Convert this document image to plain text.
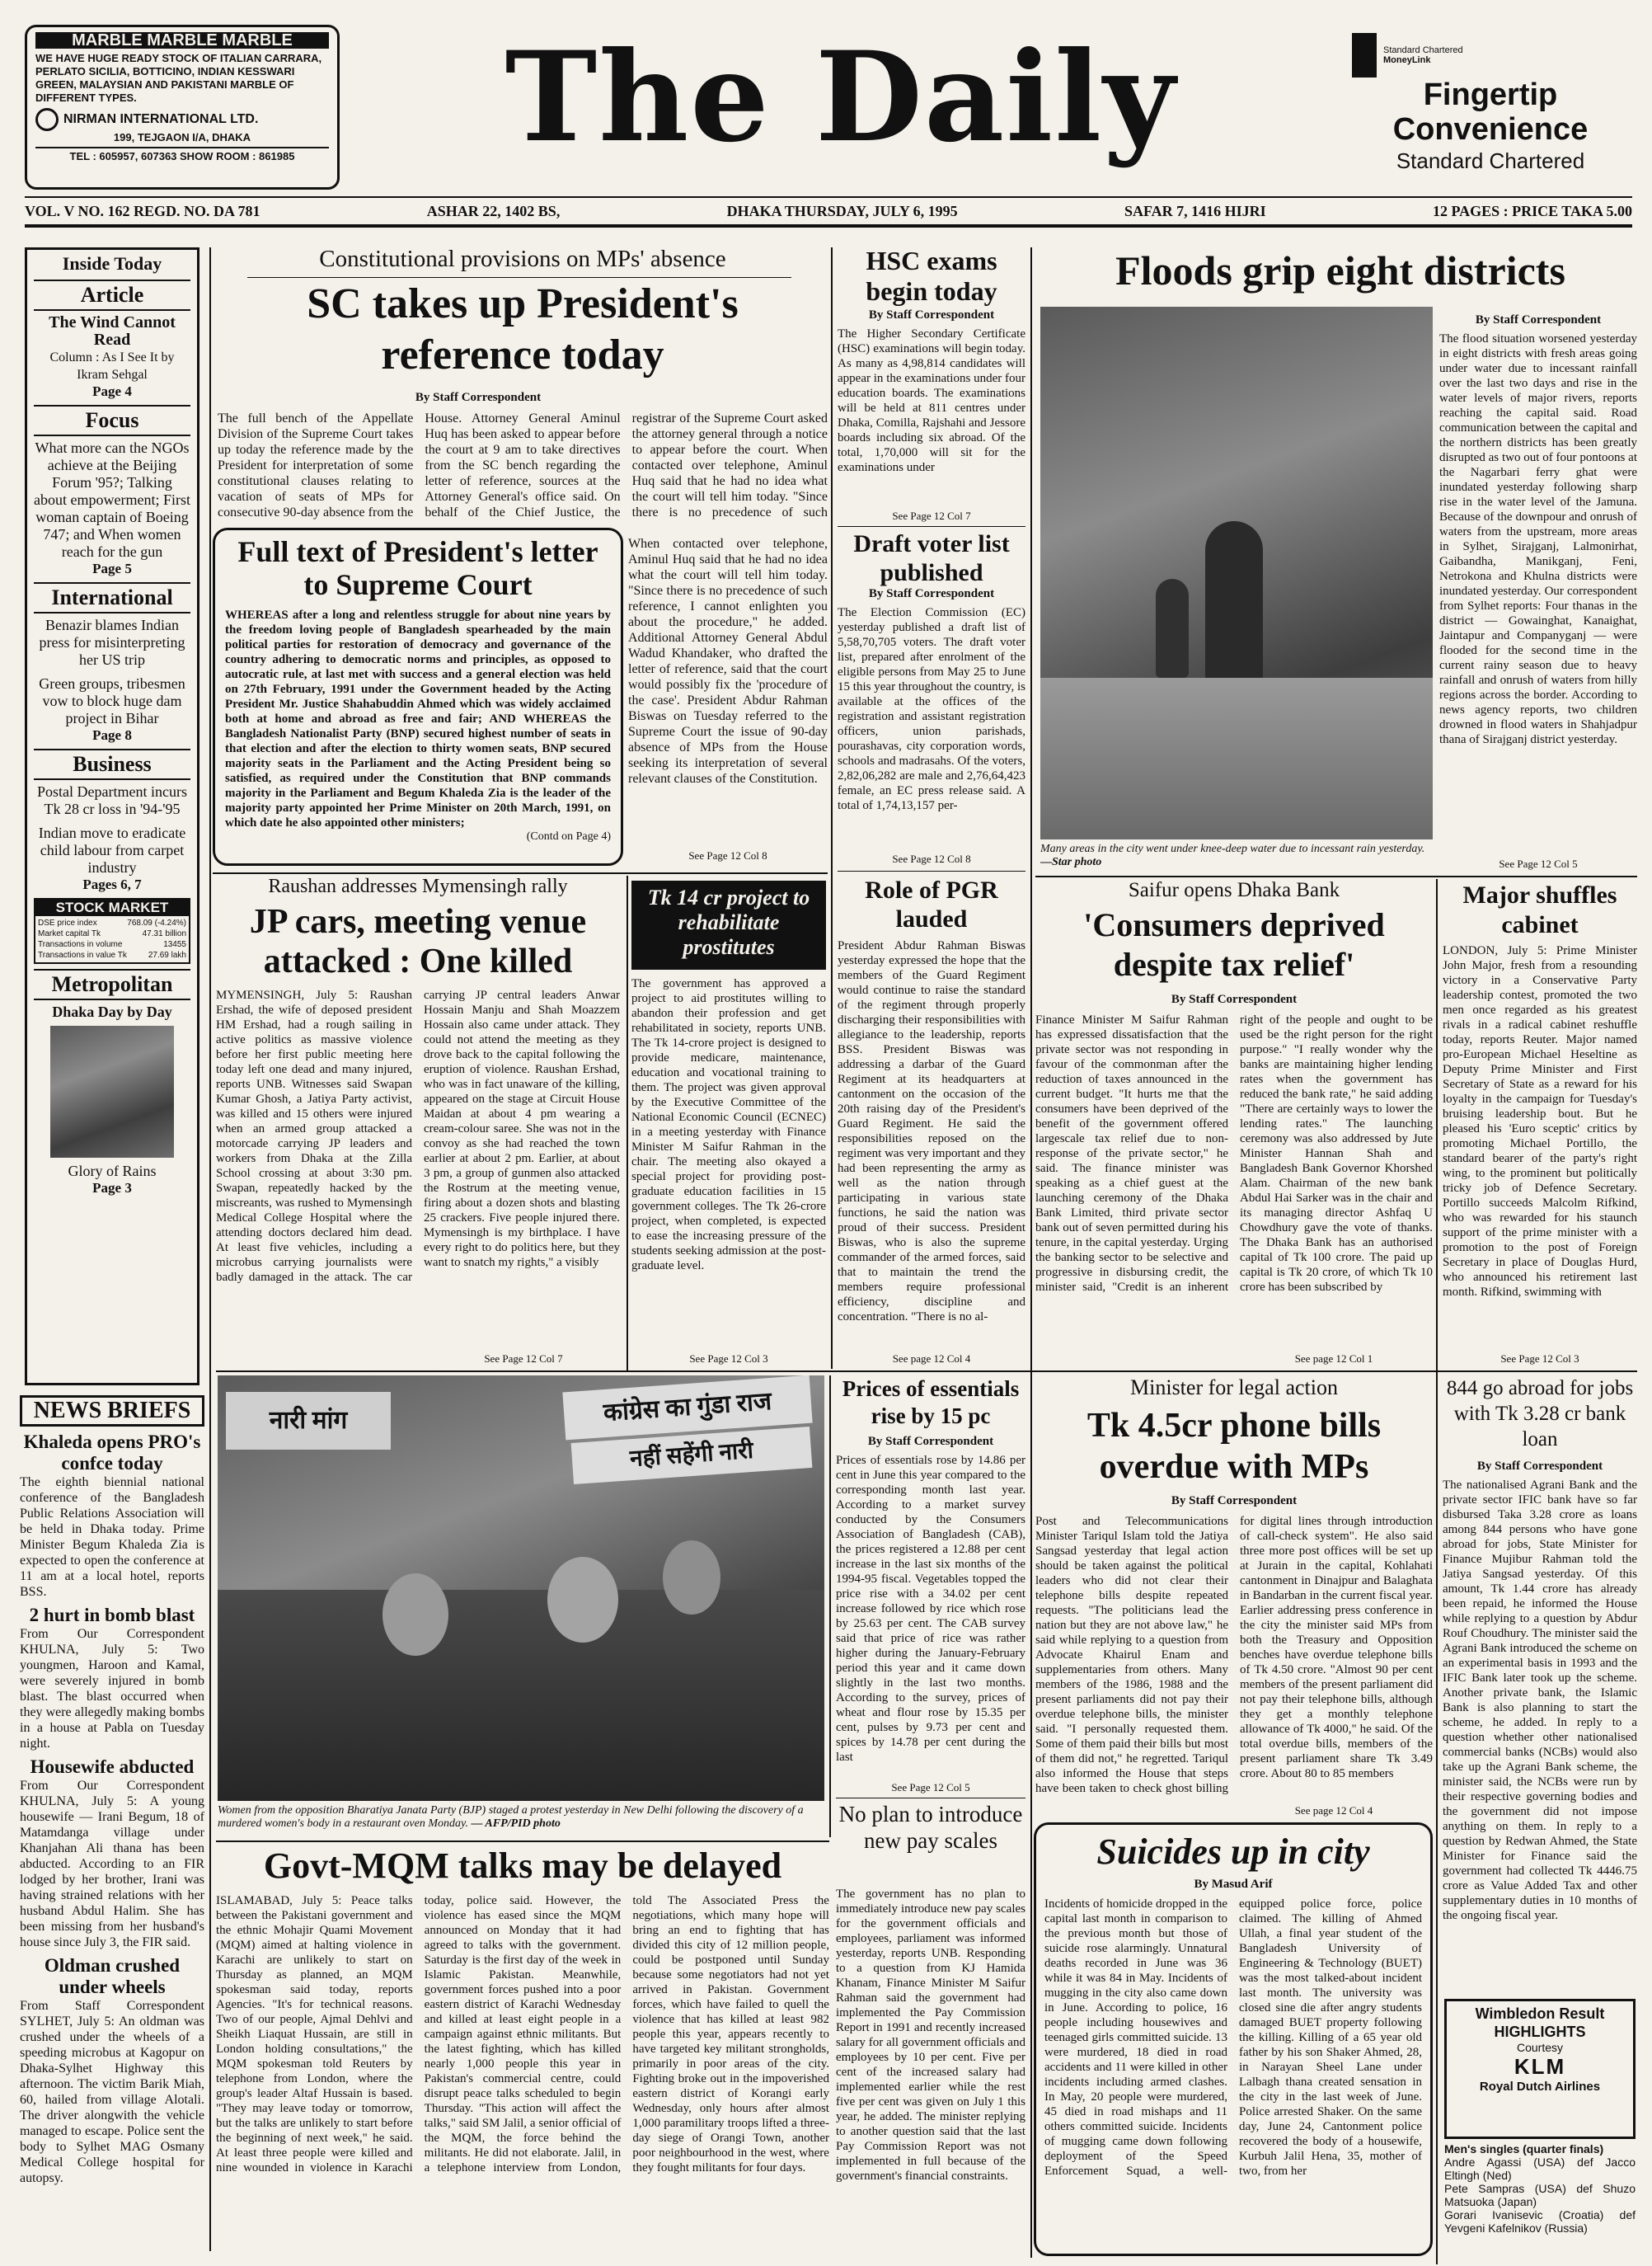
MARBLE MARBLE MARBLE
WE HAVE HUGE READY STOCK OF ITALIAN CARRARA, PERLATO SICILIA, BOTTICINO, INDIAN KESSWARI GREEN, MALAYSIAN AND PAKISTANI MARBLE OF DIFFERENT TYPES.
NIRMAN INTERNATIONAL LTD.
199, TEJGAON I/A, DHAKA
TEL : 605957, 607363 SHOW ROOM : 861985	The Daily	Standard Chartered
MoneyLink
Fingertip
Convenience
Standard Chartered
VOL. V NO. 162 REGD. NO. DA 781	ASHAR 22, 1402 BS,	DHAKA THURSDAY, JULY 6, 1995	SAFAR 7, 1416 HIJRI	12 PAGES : PRICE TAKA 5.00
Inside Today
Article
The Wind Cannot Read
Column : As I See It by Ikram Sehgal
Page 4
Focus
What more can the NGOs achieve at the Beijing Forum '95?; Talking about empowerment; First woman captain of Boeing 747; and When women reach for the gun
Page 5
International
Benazir blames Indian press for misinterpreting her US trip
Green groups, tribesmen vow to block huge dam project in Bihar
Page 8
Business
Postal Department incurs Tk 28 cr loss in '94-'95
Indian move to eradicate child labour from carpet industry
Pages 6, 7
STOCK MARKET
DSE price index	768.09 (-4.24%)
Market capital Tk	47.31 billion
Transactions in volume	13455
Transactions in value Tk	27.69 lakh
Metropolitan
Dhaka Day by Day
Glory of Rains
Page 3
NEWS BRIEFS
Khaleda opens PRO's confce today
The eighth biennial national conference of the Bangladesh Public Relations Association will be held in Dhaka today. Prime Minister Begum Khaleda Zia is expected to open the conference at 11 am at a local hotel, reports BSS.
2 hurt in bomb blast
From Our Correspondent KHULNA, July 5: Two youngmen, Haroon and Kamal, were severely injured in bomb blast. The blast occurred when they were allegedly making bombs in a house at Pabla on Tuesday night.
Housewife abducted
From Our Correspondent KHULNA, July 5: A young housewife — Irani Begum, 18 of Matamdanga village under Khanjahan Ali thana has been abducted. According to an FIR lodged by her brother, Irani was having strained relations with her husband Abdul Halim. She has been missing from her husband's house since July 3, the FIR said.
Oldman crushed under wheels
From Staff Correspondent SYLHET, July 5: An oldman was crushed under the wheels of a speeding microbus at Kagopur on Dhaka-Sylhet Highway this afternoon. The victim Barik Miah, 60, hailed from village Alotali. The driver alongwith the vehicle managed to escape. Police sent the body to Sylhet MAG Osmany Medical College hospital for autopsy.
Constitutional provisions on MPs' absence
SC takes up President's reference today
By Staff Correspondent
The full bench of the Appellate Division of the Supreme Court takes up today the reference made by the President for interpretation of some constitutional clauses relating to vacation of seats of MPs for consecutive 90-day absence from the House. Attorney General Aminul Huq has been asked to appear before the court at 9 am to take directives from the SC bench regarding the letter of reference, sources at the Attorney General's office said. On behalf of the Chief Justice, the registrar of the Supreme Court asked the attorney general through a notice to appear before the court. When contacted over telephone, Aminul Huq said that he had no idea what the court will tell him today. "Since there is no precedence of such
When contacted over telephone, Aminul Huq said that he had no idea what the court will tell him today. "Since there is no precedence of such reference, I cannot enlighten you about the procedure," he added. Additional Attorney General Abdul Wadud Khandaker, who drafted the letter of reference, said that the court would possibly fix the 'procedure of the case'. President Abdur Rahman Biswas on Tuesday referred to the Supreme Court the issue of 90-day absence of MPs from the House seeking its interpretation of several relevant clauses of the Constitution.
See Page 12 Col 8
Full text of President's letter to Supreme Court
WHEREAS after a long and relentless struggle for about nine years by the freedom loving people of Bangladesh spearheaded by the main political parties for restoration of democracy and governance of the country adhering to democratic norms and principles, as opposed to autocratic rule, at last met with success and a general election was held on 27th February, 1991 under the Government headed by the Acting President Mr. Justice Shahabuddin Ahmed which was widely acclaimed both at home and abroad as free and fair; AND WHEREAS the Bangladesh Nationalist Party (BNP) secured highest number of seats in that election and after the election to thirty women seats, BNP secured majority seats in the Parliament and the Acting President being so satisfied, as required under the Constitution that BNP commands majority in the Parliament and Begum Khaleda Zia is the leader of the majority party appointed her Prime Minister on 20th March, 1991, on which date he also appointed other ministers;
(Contd on Page 4)
Raushan addresses Mymensingh rally
JP cars, meeting venue attacked : One killed
MYMENSINGH, July 5: Raushan Ershad, the wife of deposed president HM Ershad, had a rough sailing in active politics as massive violence before her first public meeting here today left one dead and many injured, reports UNB. Witnesses said Swapan Kumar Ghosh, a Jatiya Party activist, was killed and 15 others were injured when an armed group attacked a motorcade carrying JP leaders and workers from Dhaka at the Zilla School crossing at about 3:30 pm. Swapan, repeatedly hacked by the miscreants, was rushed to Mymensingh Medical College Hospital where the attending doctors declared him dead. At least five vehicles, including a microbus carrying journalists were badly damaged in the attack. The car carrying JP central leaders Anwar Hossain Manju and Shah Moazzem Hossain also came under attack. They could not attend the meeting as they drove back to the capital following the eruption of violence. Raushan Ershad, who was in fact unaware of the killing, appeared on the stage at Circuit House Maidan at about 4 pm wearing a cream-colour saree. She was not in the convoy as she had reached the town earlier at about 2 pm. Earlier, at about 3 pm, a group of gunmen also attacked the Rostrum at the meeting venue, firing about a dozen shots and blasting 25 crackers. Five people injured there. Mymensingh is my birthplace. I have every right to do politics here, but they want to snatch my rights," a visibly
See Page 12 Col 7
Tk 14 cr project to rehabilitate prostitutes
The government has approved a project to aid prostitutes willing to abandon their profession and get rehabilitated in society, reports UNB. The Tk 14-crore project is designed to provide medicare, maintenance, education and vocational training to them. The project was given approval by the Executive Committee of the National Economic Council (ECNEC) in a meeting yesterday with Finance Minister M Saifur Rahman in the chair. The meeting also okayed a special project for providing post-graduate education facilities in 15 government colleges. The Tk 26-crore project, when completed, is expected to ease the increasing pressure of the students seeking admission at the post-graduate level.
See Page 12 Col 3
HSC exams begin today
By Staff Correspondent
The Higher Secondary Certificate (HSC) examinations will begin today. As many as 4,98,814 candidates will appear in the examinations under four education boards. The examinations will be held at 811 centres under Dhaka, Comilla, Rajshahi and Jessore boards including six abroad. Of the total, 1,70,000 will sit for the examinations under
See Page 12 Col 7
Draft voter list published
By Staff Correspondent
The Election Commission (EC) yesterday published a draft list of 5,58,70,705 voters. The draft voter list, prepared after enrolment of the eligible persons from May 25 to June 15 this year throughout the country, is available at the offices of the registration and assistant registration officers, union parishads, pourashavas, city corporation words, schools and madrasahs. Of the voters, 2,82,06,282 are male and 2,76,64,423 female, an EC press release said. A total of 1,74,13,157 per-
See Page 12 Col 8
Role of PGR lauded
President Abdur Rahman Biswas yesterday expressed the hope that the members of the Guard Regiment would continue to raise the standard of the regiment through properly discharging their responsibilities with allegiance to the leadership, reports BSS. President Biswas was addressing a darbar of the Guard Regiment at its headquarters at cantonment on the occasion of the 20th raising day of the President's Guard Regiment. He said the responsibilities reposed on the regiment was very important and they had been representing the army as well as the nation through participating in various state functions, he said the nation was proud of their success. President Biswas, who is also the supreme commander of the armed forces, said that to maintain the trend the members require professional efficiency, discipline and concentration. "There is no al-
See page 12 Col 4
Floods grip eight districts
Many areas in the city went under knee-deep water due to incessant rain yesterday. —Star photo
By Staff Correspondent
The flood situation worsened yesterday in eight districts with fresh areas going under water due to incessant rainfall over the last two days and rise in the water levels of major rivers, reports reaching the capital said. Road communication between the capital and the northern districts has been greatly disrupted as two out of four pontoons at the Nagarbari ferry ghat were inundated yesterday following sharp rise in the water level of the Jamuna. Because of the downpour and onrush of waters from the upstream, more areas in Sylhet, Sirajganj, Lalmonirhat, Gaibandha, Manikganj, Feni, Netrokona and Khulna districts were inundated yesterday. Our correspondent from Sylhet reports: Four thanas in the district — Gowainghat, Kanaighat, Jaintapur and Companyganj — were flooded for the second time in the current rainy season due to heavy rainfall and onrush of waters from hilly regions across the border. According to news agency reports, two children drowned in flood waters in Shahjadpur thana of Sirajganj district yesterday.
See Page 12 Col 5
Saifur opens Dhaka Bank
'Consumers deprived despite tax relief'
By Staff Correspondent
Finance Minister M Saifur Rahman has expressed dissatisfaction that the private sector was not responding in favour of the commonman after the reduction of taxes announced in the current budget. "It hurts me that the consumers have been deprived of the benefit of the government offered largescale tax relief due to non-response of the private sector," he said. The finance minister was speaking as a chief guest at the launching ceremony of the Dhaka Bank Limited, third private sector bank out of seven permitted during his tenure, in the capital yesterday. Urging the banking sector to be selective and progressive in disbursing credit, the minister said, "Credit is an inherent right of the people and ought to be used be the right person for the right purpose." "I really wonder why the banks are maintaining higher lending rates when the government has reduced the bank rate," he said adding "There are certainly ways to lower the lending rates." The launching ceremony was also addressed by Jute Minister Hannan Shah and Bangladesh Bank Governor Khorshed Alam. Chairman of the new bank Abdul Hai Sarker was in the chair and its managing director Ashfaq U Chowdhury gave the vote of thanks. The Dhaka Bank has an authorised capital of Tk 100 crore. The paid up capital is Tk 20 crore, of which Tk 10 crore has been subscribed by
See page 12 Col 1
Major shuffles cabinet
LONDON, July 5: Prime Minister John Major, fresh from a resounding victory in a Conservative Party leadership contest, promoted the two men once regarded as his greatest rivals in a radical cabinet reshuffle today, reports Reuter. Major named pro-European Michael Heseltine as Deputy Prime Minister and First Secretary of State as a reward for his loyalty in the campaign for Tuesday's bruising leadership bout. But he pleased his 'Euro sceptic' critics by promoting Michael Portillo, the standard bearer of the party's right wing, to the prominent but politically tricky job of Defence Secretary. Portillo succeeds Malcolm Rifkind, who was rewarded for his staunch support of the prime minister with a promotion to the post of Foreign Secretary in place of Douglas Hurd, who announced his retirement last month. Rifkind, swimming with
See Page 12 Col 3
कांग्रेस का गुंडा राज
नहीं सहेंगी नारी
नारी मांग
Women from the opposition Bharatiya Janata Party (BJP) staged a protest yesterday in New Delhi following the discovery of a murdered women's body in a restaurant oven Monday. — AFP/PID photo
Prices of essentials rise by 15 pc
By Staff Correspondent
Prices of essentials rose by 14.86 per cent in June this year compared to the corresponding month last year. According to a market survey conducted by the Consumers Association of Bangladesh (CAB), the prices registered a 12.88 per cent increase in the last six months of the 1994-95 fiscal. Vegetables topped the price rise with a 34.02 per cent increase followed by rice which rose by 25.63 per cent. The CAB survey said that price of rice was rather higher during the January-February period this year and it came down slightly in the last two months. According to the survey, prices of wheat and flour rose by 15.35 per cent, pulses by 9.73 per cent and spices by 14.78 per cent during the last
See Page 12 Col 5
No plan to introduce new pay scales
The government has no plan to immediately introduce new pay scales for the government officials and employees, parliament was informed yesterday, reports UNB. Responding to a question from KJ Hamida Khanam, Finance Minister M Saifur Rahman said the government had implemented the Pay Commission Report in 1991 and recently increased salary for all government officials and employees by 10 per cent. Five per cent of the increased salary had implemented earlier while the rest five per cent was given on July 1 this year, he added. The minister replying to another question said that the last Pay Commission Report was not implemented in full because of the government's financial constraints.
Minister for legal action
Tk 4.5cr phone bills overdue with MPs
By Staff Correspondent
Post and Telecommunications Minister Tariqul Islam told the Jatiya Sangsad yesterday that legal action should be taken against the political leaders who did not clear their telephone bills despite repeated requests. "The politicians lead the nation but they are not above law," he said while replying to a question from Advocate Khairul Enam and supplementaries from others. Many members of the 1986, 1988 and the present parliaments did not pay their overdue telephone bills, the minister said. "I personally requested them. Some of them paid their bills but most of them did not," he regretted. Tariqul also informed the House that steps have been taken to check ghost billing for digital lines through introduction of call-check system". He also said three more post offices will be set up at Jurain in the capital, Kohlahati cantonment in Dinajpur and Balaghata in Bandarban in the current fiscal year. Earlier addressing press conference in the city the minister said MPs from both the Treasury and Opposition benches have overdue telephone bills of Tk 4.50 crore. "Almost 90 per cent members of the present parliament did not pay their telephone bills, although they get a monthly telephone allowance of Tk 4000," he said. Of the total overdue bills, members of the present parliament share Tk 3.49 crore. About 80 to 85 members
See page 12 Col 4
844 go abroad for jobs with Tk 3.28 cr bank loan
By Staff Correspondent
The nationalised Agrani Bank and the private sector IFIC bank have so far disbursed Taka 3.28 crore as loans among 844 persons who have gone abroad for jobs, State Minister for Finance Mujibur Rahman told the Jatiya Sangsad yesterday. Of this amount, Tk 1.44 crore has already been repaid, he informed the House while replying to a question by Abdur Rouf Choudhury. The minister said the Agrani Bank introduced the scheme on an experimental basis in 1993 and the IFIC Bank later took up the scheme. Another private bank, the Islamic Bank is also planning to start the scheme, he added. In reply to a question whether other nationalised commercial banks (NCBs) would also take up the Agrani Bank scheme, the minister said, the NCBs were run by their respective governing bodies and the government did not impose anything on them. In reply to a question by Redwan Ahmed, the State Minister for Finance said the government had collected Tk 4446.75 crore as Value Added Tax and other supplementary duties in 10 months of the ongoing fiscal year.
Wimbledon Result HIGHLIGHTS
Courtesy
KLM
Royal Dutch Airlines
Men's singles (quarter finals)
Andre Agassi (USA) def Jacco Eltingh (Ned)
Pete Sampras (USA) def Shuzo Matsuoka (Japan)
Gorari Ivanisevic (Croatia) def Yevgeni Kafelnikov (Russia)
Govt-MQM talks may be delayed
ISLAMABAD, July 5: Peace talks between the Pakistani government and the ethnic Mohajir Quami Movement (MQM) aimed at halting violence in Karachi are unlikely to start on Thursday as planned, an MQM spokesman said today, reports Agencies. "It's for technical reasons. Two of our people, Ajmal Dehlvi and Sheikh Liaquat Hussain, are still in London holding consultations," the MQM spokesman told Reuters by telephone from London, where the group's leader Altaf Hussain is based. "They may leave today or tomorrow, but the talks are unlikely to start before the beginning of next week," he said. At least three people were killed and nine wounded in violence in Karachi today, police said. However, the violence has eased since the MQM announced on Monday that it had agreed to talks with the government. Saturday is the first day of the week in Islamic Pakistan. Meanwhile, government forces pushed into a poor eastern district of Karachi Wednesday and killed at least eight people in a campaign against ethnic militants. But the latest fighting, which has killed nearly 1,000 people this year in Pakistan's commercial centre, could disrupt peace talks scheduled to begin Thursday. "This action will affect the talks," said SM Jalil, a senior official of the MQM, the force behind the militants. He did not elaborate. Jalil, in a telephone interview from London, told The Associated Press the negotiations, which many hope will bring an end to fighting that has divided this city of 12 million people, could be postponed until Sunday because some negotiators had not yet arrived in Pakistan. Government forces, which have failed to quell the violence that has killed at least 982 people this year, appears recently to have targeted key militant strongholds, primarily in poor areas of the city. Fighting broke out in the impoverished eastern district of Korangi early Wednesday, only hours after almost 1,000 paramilitary troops lifted a three-day siege of Orangi Town, another poor neighbourhood in the west, where they fought militants for four days.
Suicides up in city
By Masud Arif
Incidents of homicide dropped in the capital last month in comparison to the previous month but those of suicide rose alarmingly. Unnatural deaths recorded in June was 36 while it was 84 in May. Incidents of mugging in the city also came down in June. According to police, 16 people including housewives and teenaged girls committed suicide. 13 were murdered, 18 died in road accidents and 11 were killed in other incidents including armed clashes. In May, 20 people were murdered, 45 died in road mishaps and 11 others committed suicide. Incidents of mugging came down following deployment of the Speed Enforcement Squad, a well-equipped police force, police claimed. The killing of Ahmed Ullah, a final year student of the Bangladesh University of Engineering & Technology (BUET) was the most talked-about incident last month. The university was closed sine die after angry students damaged BUET property following the killing. Killing of a 65 year old father by his son Shaker Ahmed, 28, in Narayan Sheel Lane under Lalbagh thana created sensation in the city in the last week of June. Police arrested Shaker. On the same day, June 24, Cantonment police recovered the body of a housewife, Kurbuh Jalil Hena, 35, mother of two, from her
